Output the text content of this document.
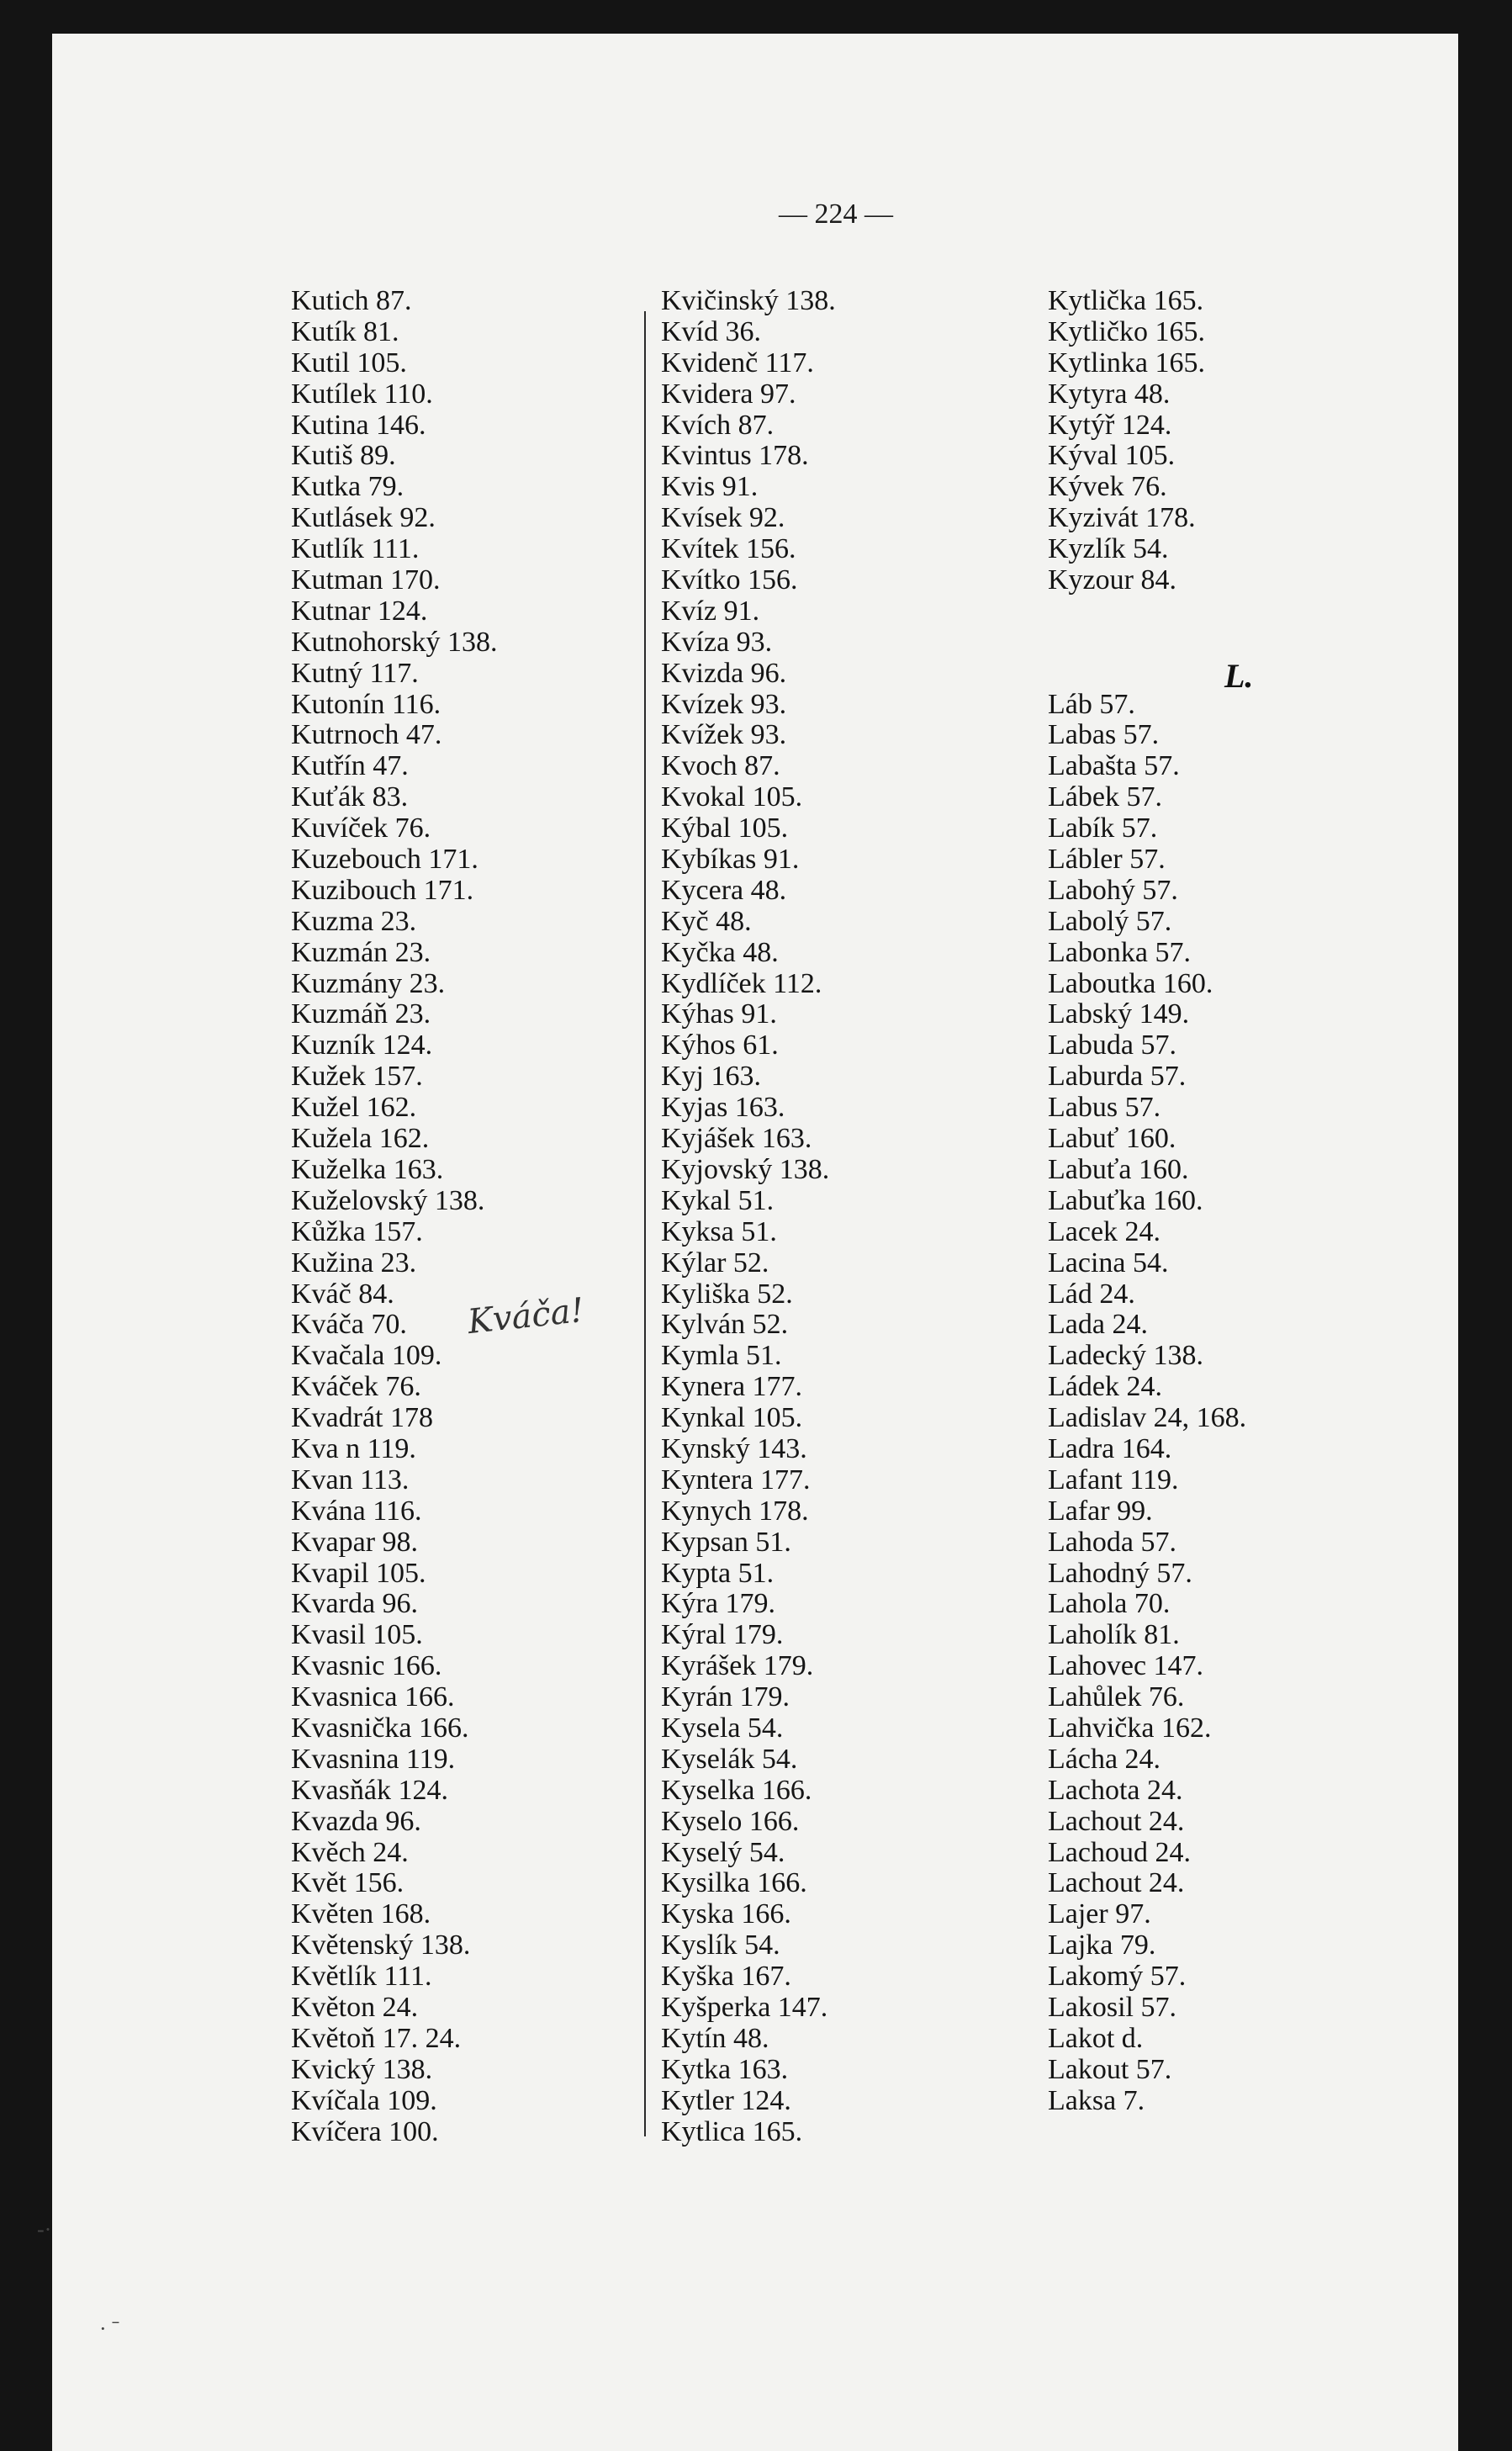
— 224 —
Kutich 87.
Kutík 81.
Kutil 105.
Kutílek 110.
Kutina 146.
Kutiš 89.
Kutka 79.
Kutlásek 92.
Kutlík 111.
Kutman 170.
Kutnar 124.
Kutnohorský 138.
Kutný 117.
Kutonín 116.
Kutrnoch 47.
Kutřín 47.
Kuťák 83.
Kuvíček 76.
Kuzebouch 171.
Kuzibouch 171.
Kuzma 23.
Kuzmán 23.
Kuzmány 23.
Kuzmáň 23.
Kuzník 124.
Kužek 157.
Kužel 162.
Kužela 162.
Kuželka 163.
Kuželovský 138.
Kůžka 157.
Kužina 23.
Kváč 84.
Kváča 70.
Kvačala 109.
Kváček 76.
Kvadrát 178
Kva n 119.
Kvan 113.
Kvána 116.
Kvapar 98.
Kvapil 105.
Kvarda 96.
Kvasil 105.
Kvasnic 166.
Kvasnica 166.
Kvasnička 166.
Kvasnina 119.
Kvasňák 124.
Kvazda 96.
Kvěch 24.
Květ 156.
Květen 168.
Květenský 138.
Květlík 111.
Květon 24.
Květoň 17. 24.
Kvický 138.
Kvíčala 109.
Kvíčera 100.
Kvičinský 138.
Kvíd 36.
Kvidenč 117.
Kvidera 97.
Kvích 87.
Kvintus 178.
Kvis 91.
Kvísek 92.
Kvítek 156.
Kvítko 156.
Kvíz 91.
Kvíza 93.
Kvizda 96.
Kvízek 93.
Kvížek 93.
Kvoch 87.
Kvokal 105.
Kýbal 105.
Kybíkas 91.
Kycera 48.
Kyč 48.
Kyčka 48.
Kydlíček 112.
Kýhas 91.
Kýhos 61.
Kyj 163.
Kyjas 163.
Kyjášek 163.
Kyjovský 138.
Kykal 51.
Kyksa 51.
Kýlar 52.
Kyliška 52.
Kylván 52.
Kymla 51.
Kynera 177.
Kynkal 105.
Kynský 143.
Kyntera 177.
Kynych 178.
Kypsan 51.
Kypta 51.
Kýra 179.
Kýral 179.
Kyrášek 179.
Kyrán 179.
Kysela 54.
Kyselák 54.
Kyselka 166.
Kyselo 166.
Kyselý 54.
Kysilka 166.
Kyska 166.
Kyslík 54.
Kyška 167.
Kyšperka 147.
Kytín 48.
Kytka 163.
Kytler 124.
Kytlica 165.
Kytlička 165.
Kytličko 165.
Kytlinka 165.
Kytyra 48.
Kytýř 124.
Kýval 105.
Kývek 76.
Kyzivát 178.
Kyzlík 54.
Kyzour 84.
Láb 57.
Labas 57.
Labašta 57.
Lábek 57.
Labík 57.
Lábler 57.
Labohý 57.
Labolý 57.
Labonka 57.
Laboutka 160.
Labský 149.
Labuda 57.
Laburda 57.
Labus 57.
Labuť 160.
Labuťa 160.
Labuťka 160.
Lacek 24.
Lacina 54.
Lád 24.
Lada 24.
Ladecký 138.
Ládek 24.
Ladislav 24, 168.
Ladra 164.
Lafant 119.
Lafar 99.
Lahoda 57.
Lahodný 57.
Lahola 70.
Laholík 81.
Lahovec 147.
Lahůlek 76.
Lahvička 162.
Lácha 24.
Lachota 24.
Lachout 24.
Lachoud 24.
Lachout 24.
Lajer 97.
Lajka 79.
Lakomý 57.
Lakosil 57.
Lakot d.
Lakout 57.
Laksa 7.
L.
Kváča!
-·
· ˉ
